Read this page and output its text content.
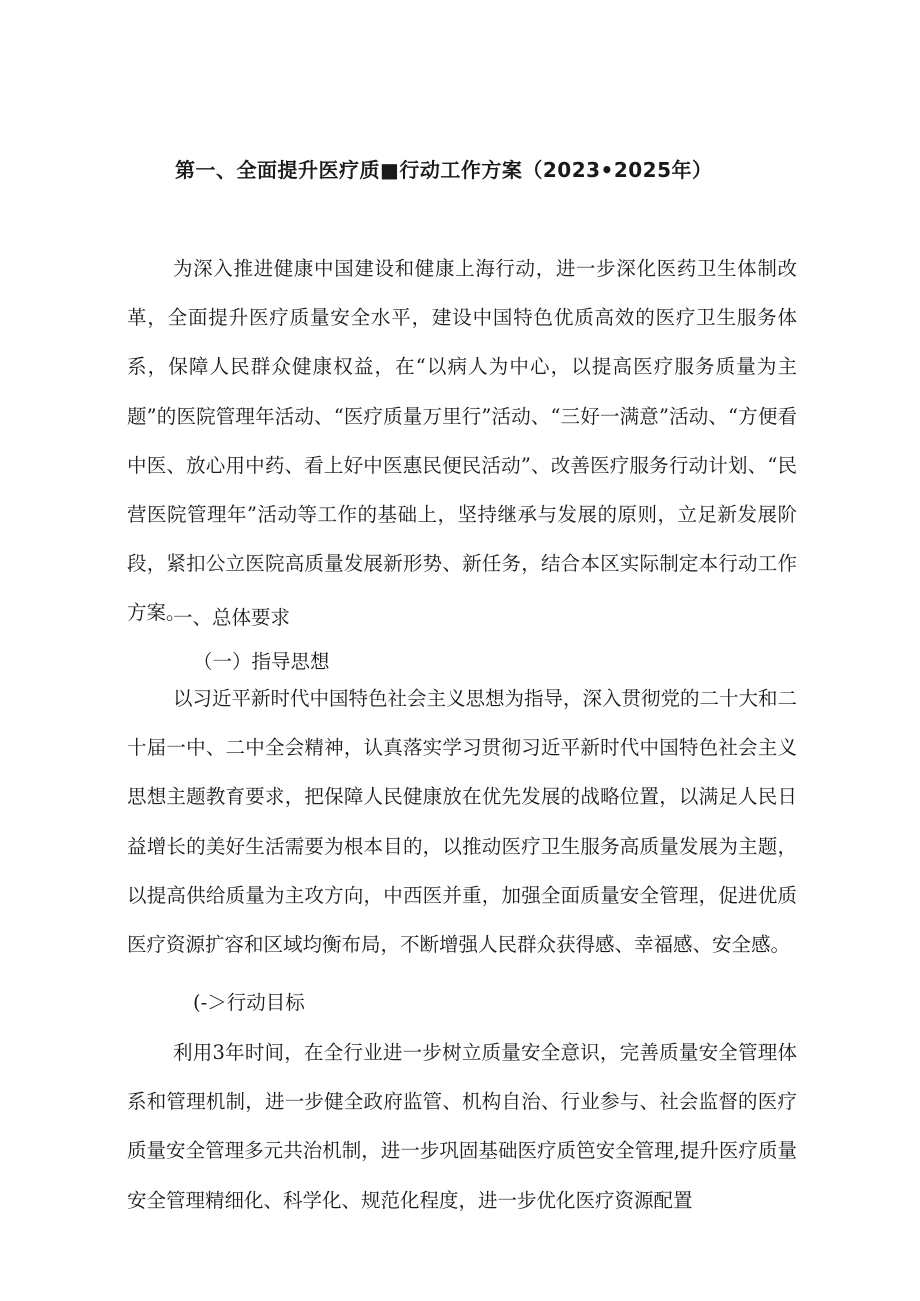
第一、全面提升医疗质■行动工作方案（2023•2025年）
为深入推进健康中国建设和健康上海行动，进一步深化医药卫生体制改革，全面提升医疗质量安全水平，建设中国特色优质高效的医疗卫生服务体系，保障人民群众健康权益，在“以病人为中心，以提高医疗服务质量为主题”的医院管理年活动、“医疗质量万里行”活动、“三好一满意”活动、“方便看中医、放心用中药、看上好中医惠民便民活动”、改善医疗服务行动计划、“民营医院管理年”活动等工作的基础上，坚持继承与发展的原则，立足新发展阶段，紧扣公立医院高质量发展新形势、新任务，结合本区实际制定本行动工作方案。
一、总体要求
（一）指导思想
以习近平新时代中国特色社会主义思想为指导，深入贯彻党的二十大和二十届一中、二中全会精神，认真落实学习贯彻习近平新时代中国特色社会主义思想主题教育要求，把保障人民健康放在优先发展的战略位置，以满足人民日益增长的美好生活需要为根本目的，以推动医疗卫生服务高质量发展为主题，以提高供给质量为主攻方向，中西医并重，加强全面质量安全管理，促进优质医疗资源扩容和区域均衡布局，不断增强人民群众获得感、幸福感、安全感。
(-＞行动目标
利用3年时间，在全行业进一步树立质量安全意识，完善质量安全管理体系和管理机制，进一步健全政府监管、机构自治、行业参与、社会监督的医疗质量安全管理多元共治机制，进一步巩固基础医疗质笆安全管理,提升医疗质量安全管理精细化、科学化、规范化程度，进一步优化医疗资源配置
